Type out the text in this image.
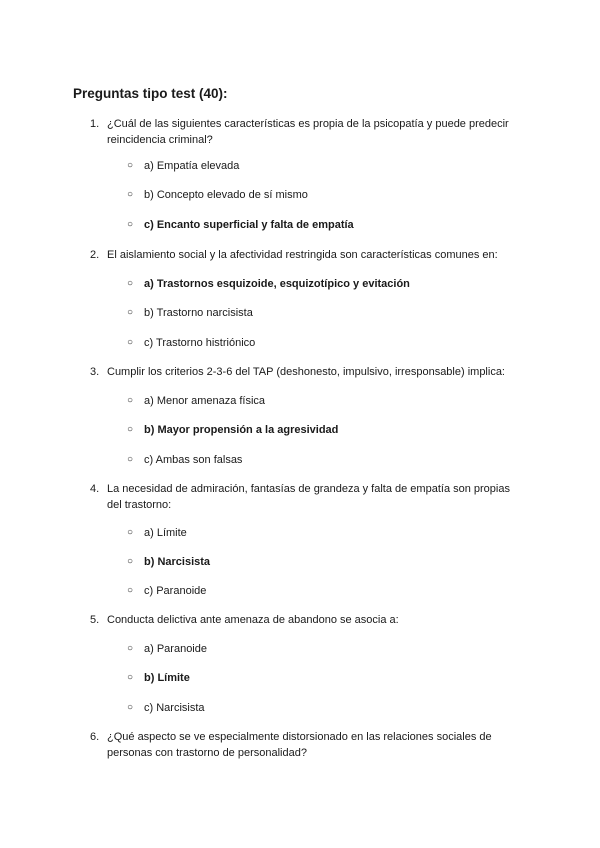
Preguntas tipo test (40):
1. ¿Cuál de las siguientes características es propia de la psicopatía y puede predecir reincidencia criminal?

○ a) Empatía elevada
○ b) Concepto elevado de sí mismo
○ c) Encanto superficial y falta de empatía
2. El aislamiento social y la afectividad restringida son características comunes en:

○ a) Trastornos esquizoide, esquizotípico y evitación
○ b) Trastorno narcisista
○ c) Trastorno histriónico
3. Cumplir los criterios 2-3-6 del TAP (deshonesto, impulsivo, irresponsable) implica:

○ a) Menor amenaza física
○ b) Mayor propensión a la agresividad
○ c) Ambas son falsas
4. La necesidad de admiración, fantasías de grandeza y falta de empatía son propias del trastorno:

○ a) Límite
○ b) Narcisista
○ c) Paranoide
5. Conducta delictiva ante amenaza de abandono se asocia a:

○ a) Paranoide
○ b) Límite
○ c) Narcisista
6. ¿Qué aspecto se ve especialmente distorsionado en las relaciones sociales de personas con trastorno de personalidad?
